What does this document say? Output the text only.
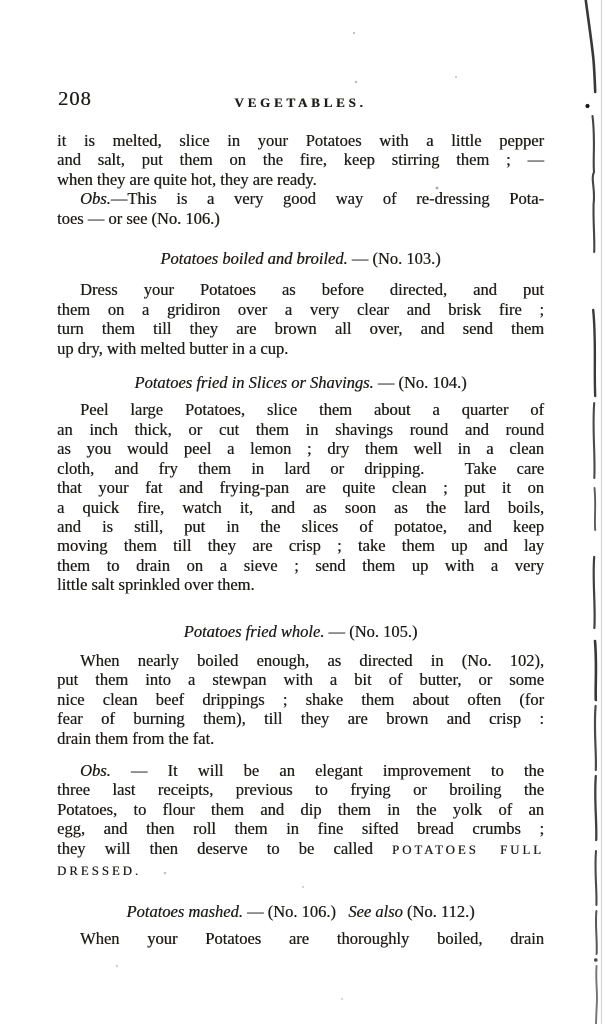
208	VEGETABLES.
it is melted, slice in your Potatoes with a little pepper
and salt, put them on the fire, keep stirring them ; —
when they are quite hot, they are ready.
Obs.—This is a very good way of re-dressing Pota-
toes — or see (No. 106.)
Potatoes boiled and broiled. — (No. 103.)
Dress your Potatoes as before directed, and put
them on a gridiron over a very clear and brisk fire ;
turn them till they are brown all over, and send them
up dry, with melted butter in a cup.
Potatoes fried in Slices or Shavings. — (No. 104.)
Peel large Potatoes, slice them about a quarter of
an inch thick, or cut them in shavings round and round
as you would peel a lemon ; dry them well in a clean
cloth, and fry them in lard or dripping.  Take care
that your fat and frying-pan are quite clean ; put it on
a quick fire, watch it, and as soon as the lard boils,
and is still, put in the slices of potatoe, and keep
moving them till they are crisp ; take them up and lay
them to drain on a sieve ; send them up with a very
little salt sprinkled over them.
Potatoes fried whole. — (No. 105.)
When nearly boiled enough, as directed in (No. 102),
put them into a stewpan with a bit of butter, or some
nice clean beef drippings ; shake them about often (for
fear of burning them), till they are brown and crisp :
drain them from the fat.
Obs. — It will be an elegant improvement to the
three last receipts, previous to frying or broiling the
Potatoes, to flour them and dip them in the yolk of an
egg, and then roll them in fine sifted bread crumbs ;
they will then deserve to be called POTATOES FULL
DRESSED.
Potatoes mashed. — (No. 106.)   See also (No. 112.)
When your Potatoes are thoroughly boiled, drain
